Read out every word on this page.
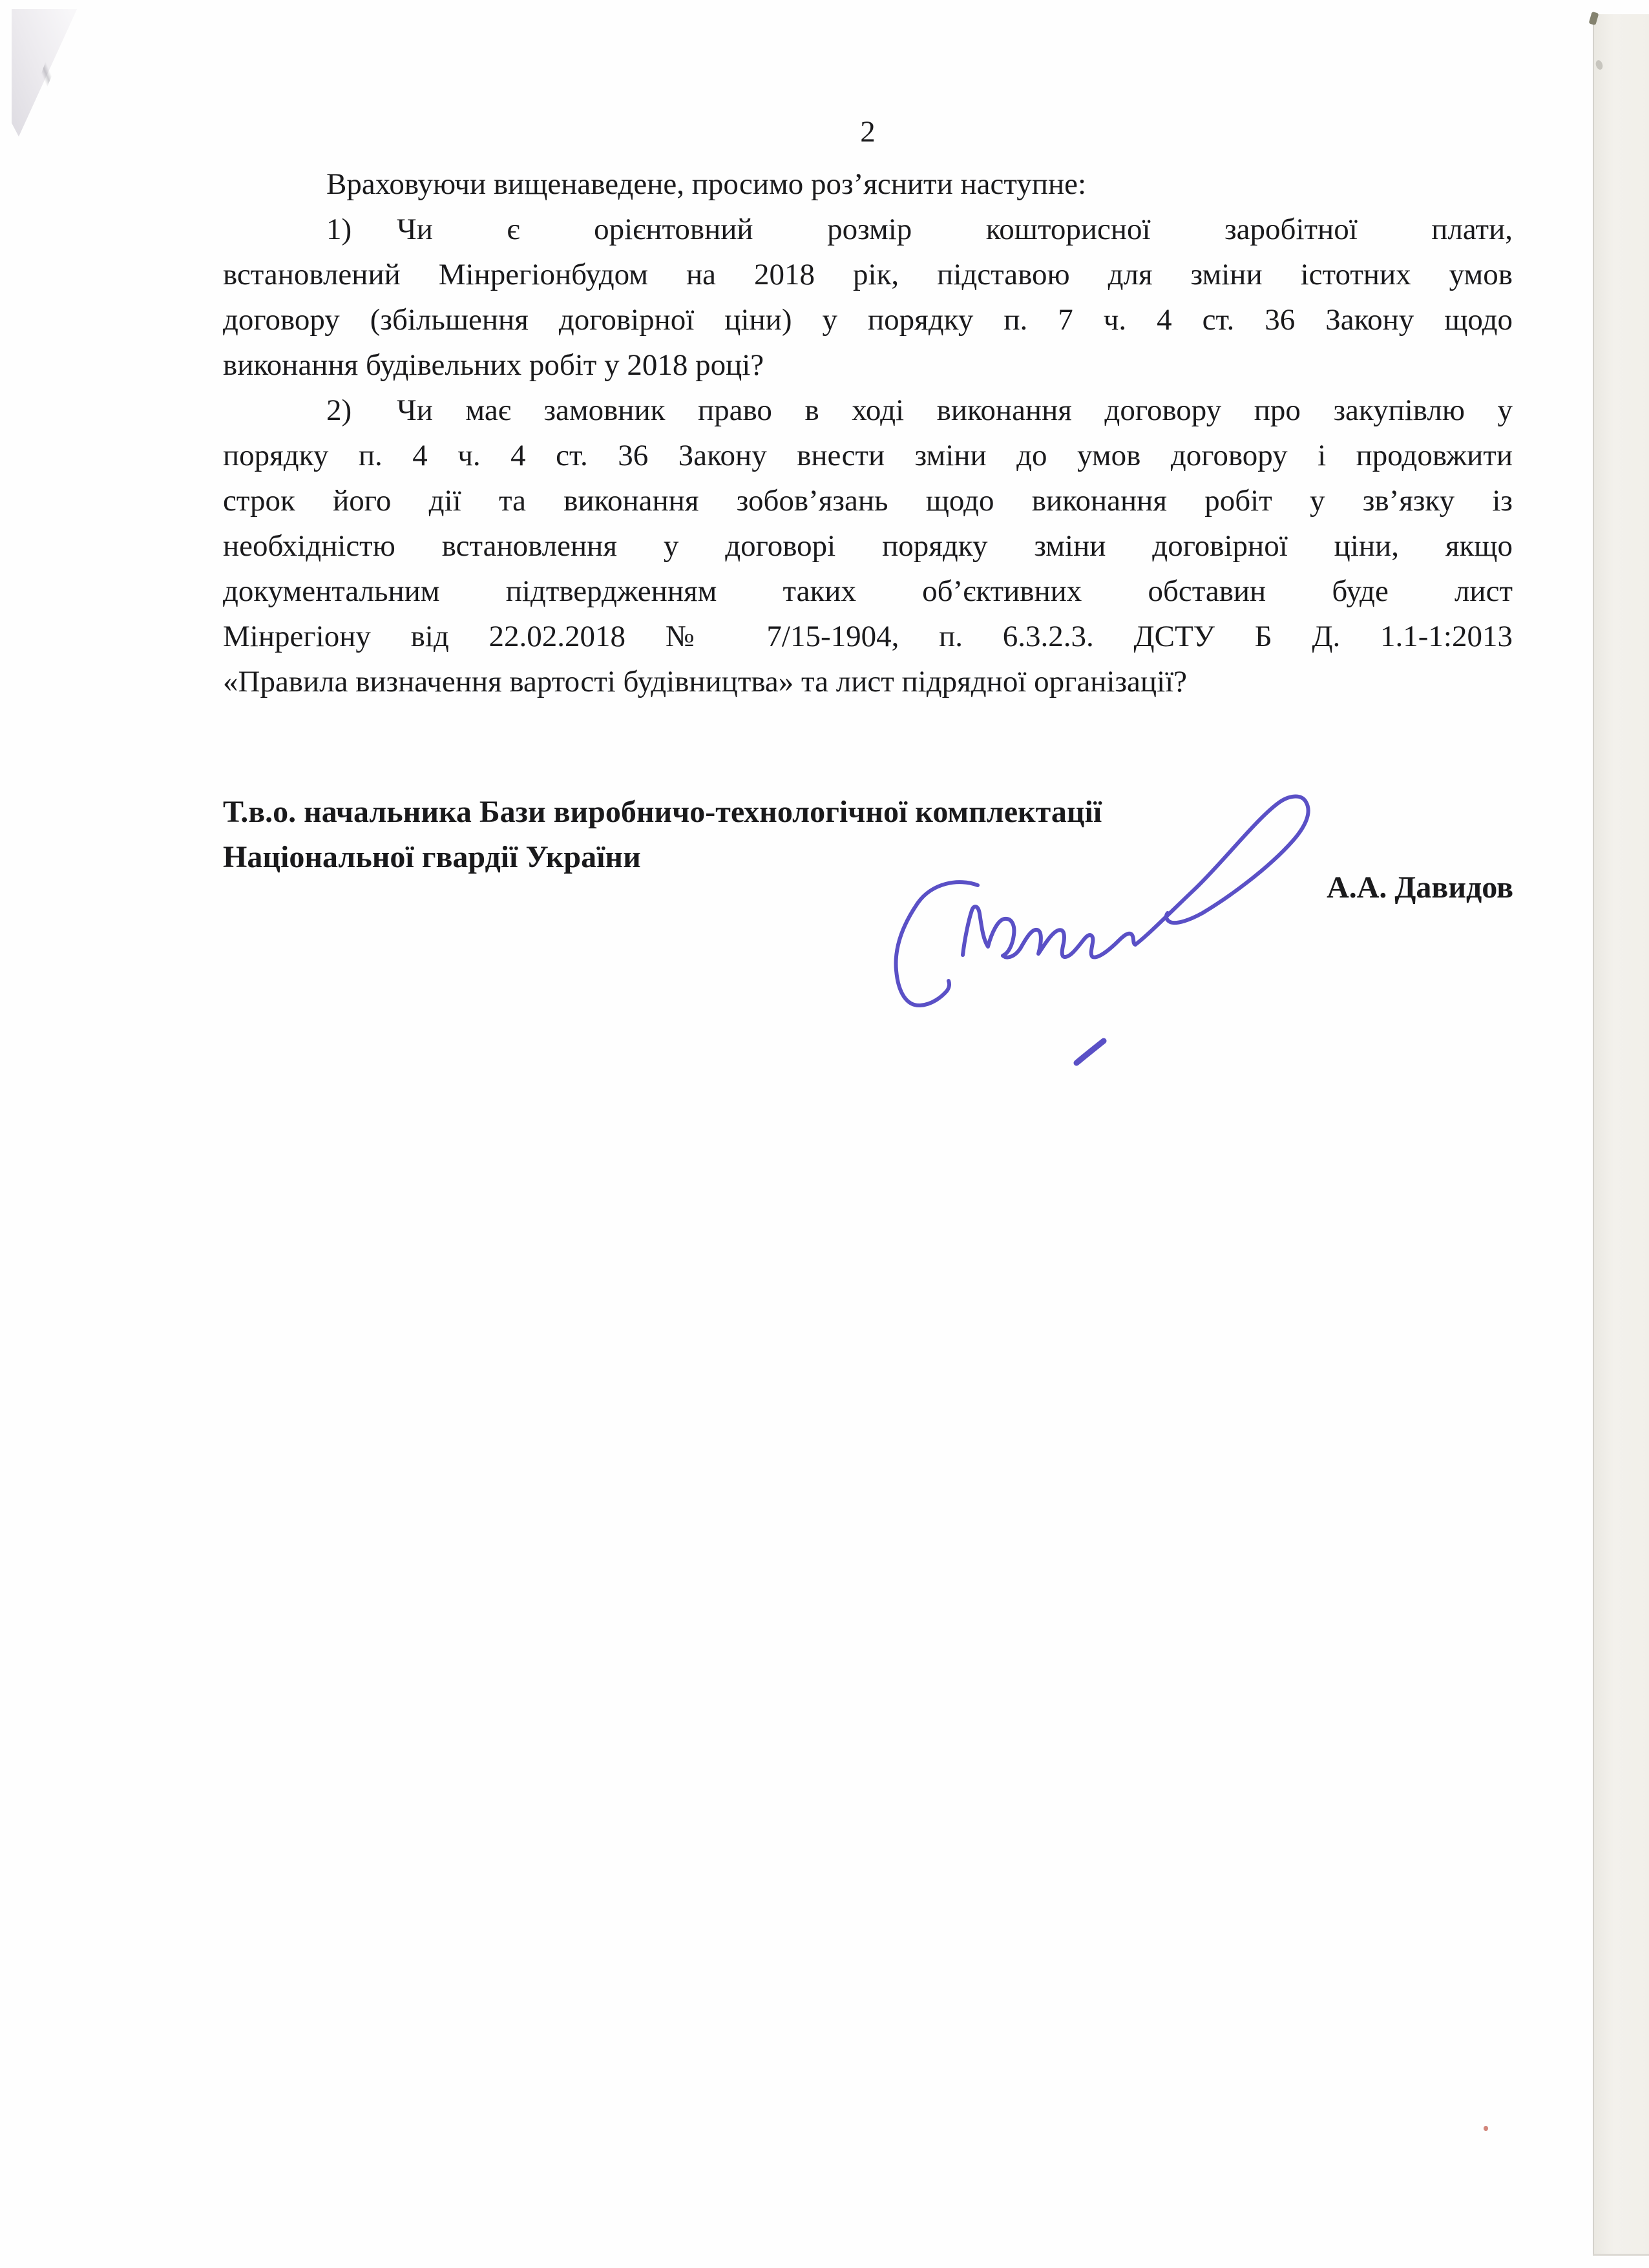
2
Враховуючи вищенаведене, просимо роз’яснити наступне:
1) Чи є орієнтовний розмір кошторисної заробітної плати,
встановлений Мінрегіонбудом на 2018 рік, підставою для зміни істотних умов
договору (збільшення договірної ціни) у порядку п. 7 ч. 4 ст. 36 Закону щодо
виконання будівельних робіт у 2018 році?
2) Чи має замовник право в ході виконання договору про закупівлю у
порядку п. 4 ч. 4 ст. 36 Закону внести зміни до умов договору і продовжити
строк його дії та виконання зобов’язань щодо виконання робіт у зв’язку із
необхідністю встановлення у договорі порядку зміни договірної ціни, якщо
документальним підтвердженням таких об’єктивних обставин буде лист
Мінрегіону від 22.02.2018 № 7/15-1904, п. 6.3.2.3. ДСТУ Б Д. 1.1-1:2013
«Правила визначення вартості будівництва» та лист підрядної організації?
Т.в.о. начальника Бази виробничо-технологічної комплектації
Національної гвардії України
А.А. Давидов
